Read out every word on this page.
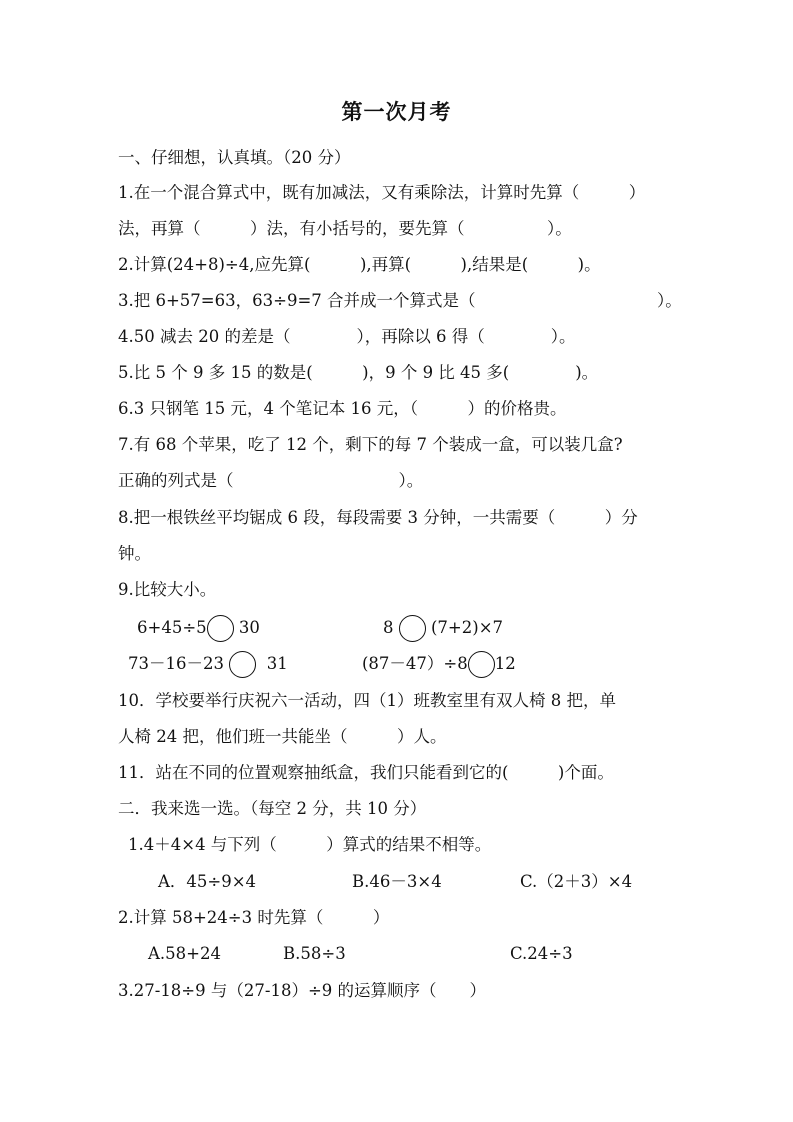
第一次月考
一、仔细想，认真填。（20 分）
1.在一个混合算式中，既有加减法，又有乘除法，计算时先算（　　　）
法，再算（　　　）法，有小括号的，要先算（　　　　　）。
2.计算(24+8)÷4,应先算(　　　),再算(　　　),结果是(　　　)。
3.把 6+57=63，63÷9=7 合并成一个算式是（　　　　　　　　　　　）。
4.50 减去 20 的差是（　　　　），再除以 6 得（　　　　）。
5.比 5 个 9 多 15 的数是(　　　)，9 个 9 比 45 多(　　　　)。
6.3 只钢笔 15 元，4 个笔记本 16 元，（　　　）的价格贵。
7.有 68 个苹果，吃了 12 个，剩下的每 7 个装成一盒，可以装几盒?
正确的列式是（　　　　　　　　　　）。
8.把一根铁丝平均锯成 6 段，每段需要 3 分钟，一共需要（　　　）分
钟。
9.比较大小。
6+45÷5 30	8 (7+2)×7
73－16－23	31	(87－47）÷8 12
10．学校要举行庆祝六一活动，四（1）班教室里有双人椅 8 把，单
人椅 24 把，他们班一共能坐（　　　）人。
11．站在不同的位置观察抽纸盒，我们只能看到它的(　　　)个面。
二．我来选一选。（每空 2 分，共 10 分）
1.4＋4×4 与下列（　　　）算式的结果不相等。
A．45÷9×4	B.46－3×4	C.（2＋3）×4
2.计算 58+24÷3 时先算（　　　）
A.58+24	B.58÷3	C.24÷3
3.27-18÷9 与（27-18）÷9 的运算顺序（　　）
